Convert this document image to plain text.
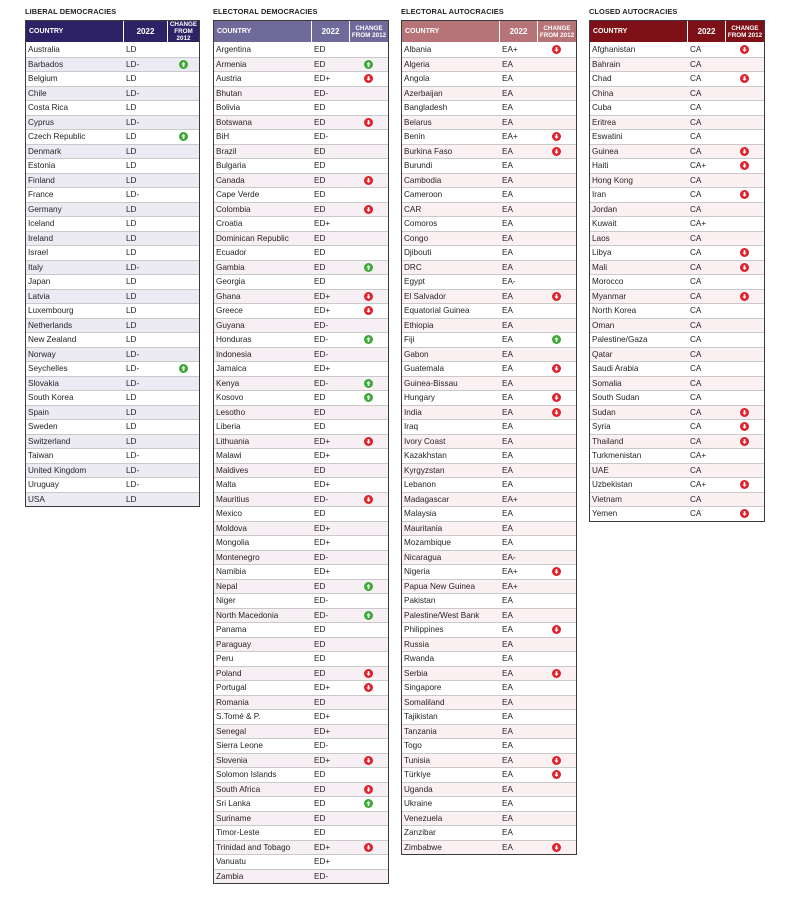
LIBERAL DEMOCRACIES
COUNTRY	2022
CHANGE
FROM 2012
Australia	LD
Barbados	LD-
Belgium	LD
Chile	LD-
Costa Rica	LD
Cyprus	LD-
Czech Republic	LD
Denmark	LD
Estonia	LD
Finland	LD
France	LD-
Germany	LD
Iceland	LD
Ireland	LD
Israel	LD
Italy	LD-
Japan	LD
Latvia	LD
Luxembourg	LD
Netherlands	LD
New Zealand	LD
Norway	LD-
Seychelles	LD-
Slovakia	LD-
South Korea	LD
Spain	LD
Sweden	LD
Switzerland	LD
Taiwan	LD-
United Kingdom	LD-
Uruguay	LD-
USA	LD
ELECTORAL DEMOCRACIES
COUNTRY	2022	CHANGE
FROM 2012
Argentina	ED
Armenia	ED
Austria	ED+
Bhutan	ED-
Bolivia	ED
Botswana	ED
BiH	ED-
Brazil	ED
Bulgaria	ED
Canada	ED
Cape Verde	ED
Colombia	ED
Croatia	ED+
Dominican Republic	ED
Ecuador	ED
Gambia	ED
Georgia	ED
Ghana	ED+
Greece	ED+
Guyana	ED-
Honduras	ED-
Indonesia	ED-
Jamaica	ED+
Kenya	ED-
Kosovo	ED
Lesotho	ED
Liberia	ED
Lithuania	ED+
Malawi	ED+
Maldives	ED
Malta	ED+
Mauritius	ED-
Mexico	ED
Moldova	ED+
Mongolia	ED+
Montenegro	ED-
Namibia	ED+
Nepal	ED
Niger	ED-
North Macedonia	ED-
Panama	ED
Paraguay	ED
Peru	ED
Poland	ED
Portugal	ED+
Romania	ED
S.Tomé & P.	ED+
Senegal	ED+
Sierra Leone	ED-
Slovenia	ED+
Solomon Islands	ED
South Africa	ED
Sri Lanka	ED
Suriname	ED
Timor-Leste	ED
Trinidad and Tobago	ED+
Vanuatu	ED+
Zambia	ED-
ELECTORAL AUTOCRACIES
COUNTRY	2022	CHANGE
FROM 2012
Albania	EA+
Algeria	EA
Angola	EA
Azerbaijan	EA
Bangladesh	EA
Belarus	EA
Benin	EA+
Burkina Faso	EA
Burundi	EA
Cambodia	EA
Cameroon	EA
CAR	EA
Comoros	EA
Congo	EA
Djibouti	EA
DRC	EA
Egypt	EA-
El Salvador	EA
Equatorial Guinea	EA
Ethiopia	EA
Fiji	EA
Gabon	EA
Guatemala	EA
Guinea-Bissau	EA
Hungary	EA
India	EA
Iraq	EA
Ivory Coast	EA
Kazakhstan	EA
Kyrgyzstan	EA
Lebanon	EA
Madagascar	EA+
Malaysia	EA
Mauritania	EA
Mozambique	EA
Nicaragua	EA-
Nigeria	EA+
Papua New Guinea	EA+
Pakistan	EA
Palestine/West Bank	EA
Philippines	EA
Russia	EA
Rwanda	EA
Serbia	EA
Singapore	EA
Somaliland	EA
Tajikistan	EA
Tanzania	EA
Togo	EA
Tunisia	EA
Türkiye	EA
Uganda	EA
Ukraine	EA
Venezuela	EA
Zanzibar	EA
Zimbabwe	EA
CLOSED AUTOCRACIES
COUNTRY	2022	CHANGE
FROM 2012
Afghanistan	CA
Bahrain	CA
Chad	CA
China	CA
Cuba	CA
Eritrea	CA
Eswatini	CA
Guinea	CA
Haiti	CA+
Hong Kong	CA
Iran	CA
Jordan	CA
Kuwait	CA+
Laos	CA
Libya	CA
Mali	CA
Morocco	CA
Myanmar	CA
North Korea	CA
Oman	CA
Palestine/Gaza	CA
Qatar	CA
Saudi Arabia	CA
Somalia	CA
South Sudan	CA
Sudan	CA
Syria	CA
Thailand	CA
Turkmenistan	CA+
UAE	CA
Uzbekistan	CA+
Vietnam	CA
Yemen	CA
